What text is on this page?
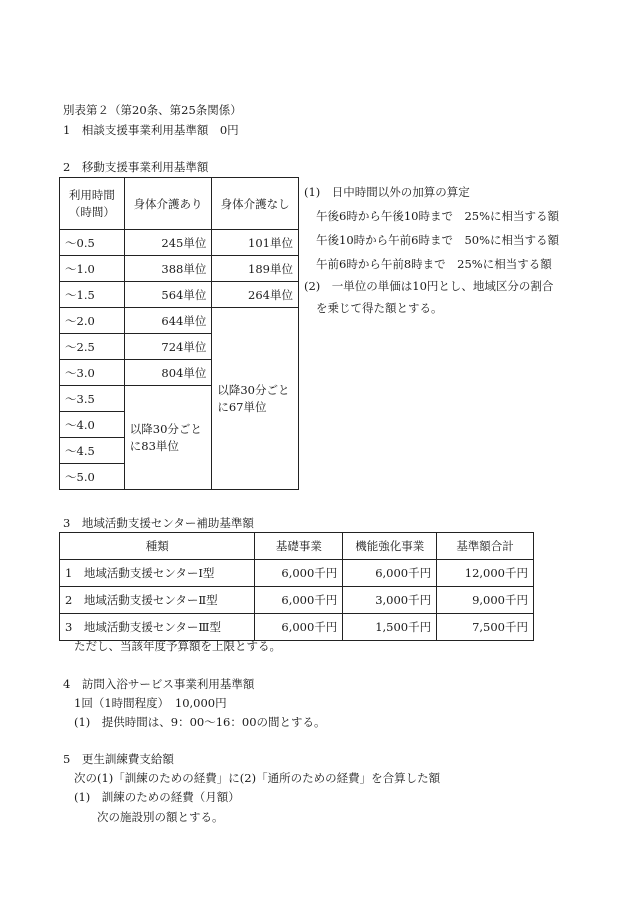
別表第２（第20条、第25条関係）
1　相談支援事業利用基準額　0円
2　移動支援事業利用基準額
利用時間（時間）	身体介護あり	身体介護なし
～0.5	245単位	101単位
～1.0	388単位	189単位
～1.5	564単位	264単位
～2.0	644単位	以降30分ごとに67単位
～2.5	724単位	
～3.0	804単位	
～3.5	以降30分ごとに83単位	
～4.0		
～4.5		
～5.0		
(1)　日中時間以外の加算の算定
午後6時から午後10時まで　25%に相当する額
午後10時から午前6時まで　50%に相当する額
午前6時から午前8時まで　25%に相当する額
(2)　一単位の単価は10円とし、地域区分の割合
を乗じて得た額とする。
3　地域活動支援センター補助基準額
種類	基礎事業	機能強化事業	基準額合計
1　地域活動支援センターⅠ型	6,000千円	6,000千円	12,000千円
2　地域活動支援センターⅡ型	6,000千円	3,000千円	9,000千円
3　地域活動支援センターⅢ型	6,000千円	1,500千円	7,500千円
ただし、当該年度予算額を上限とする。
4　訪問入浴サービス事業利用基準額
1回（1時間程度）　10,000円
(1)　提供時間は、9：00～16：00の間とする。
5　更生訓練費支給額
次の(1)「訓練のための経費」に(2)「通所のための経費」を合算した額
(1)　訓練のための経費（月額）
次の施設別の額とする。
